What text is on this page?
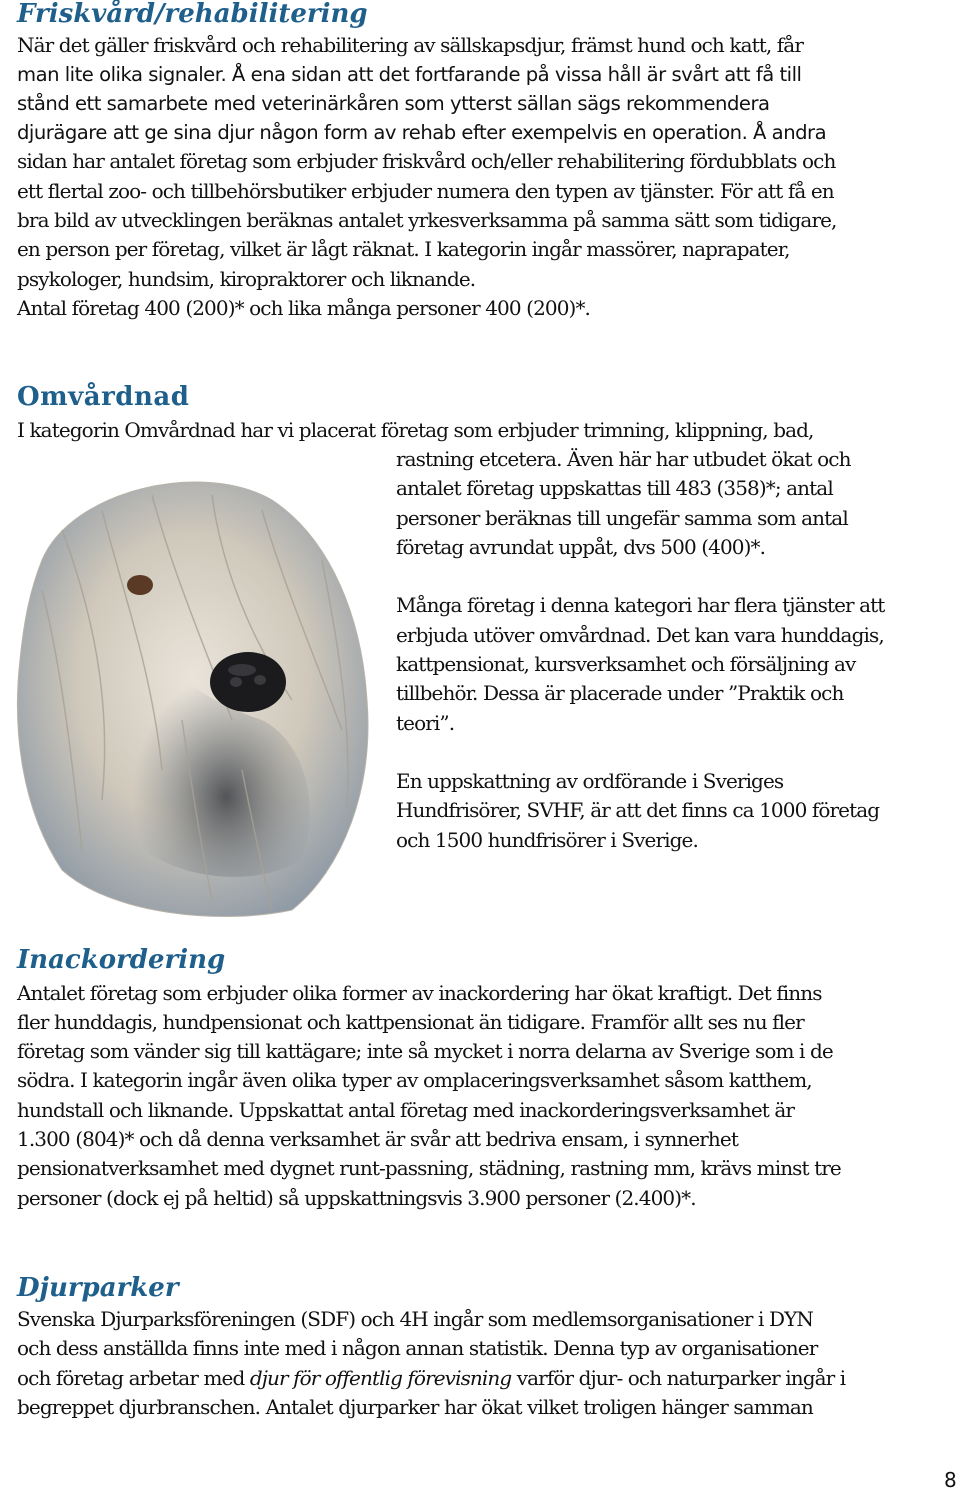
Friskvård/rehabilitering
När det gäller friskvård och rehabilitering av sällskapsdjur, främst hund och katt, får
man lite olika signaler. Å ena sidan att det fortfarande på vissa håll är svårt att få till
stånd ett samarbete med veterinärkåren som ytterst sällan sägs rekommendera
djurägare att ge sina djur någon form av rehab efter exempelvis en operation. Å andra
sidan har antalet företag som erbjuder friskvård och/eller rehabilitering fördubblats och
ett flertal zoo- och tillbehörsbutiker erbjuder numera den typen av tjänster. För att få en
bra bild av utvecklingen beräknas antalet yrkesverksamma på samma sätt som tidigare,
en person per företag, vilket är lågt räknat. I kategorin ingår massörer, naprapater,
psykologer, hundsim, kiropraktorer och liknande.
Antal företag 400 (200)* och lika många personer 400 (200)*.
Omvårdnad
I kategorin Omvårdnad har vi placerat företag som erbjuder trimning, klippning, bad,
rastning etcetera. Även här har utbudet ökat och
antalet företag uppskattas till 483 (358)*; antal
personer beräknas till ungefär samma som antal
företag avrundat uppåt, dvs 500 (400)*.
Många företag i denna kategori har flera tjänster att
erbjuda utöver omvårdnad. Det kan vara hunddagis,
kattpensionat, kursverksamhet och försäljning av
tillbehör. Dessa är placerade under ”Praktik och
teori”.
En uppskattning av ordförande i Sveriges
Hundfrisörer, SVHF, är att det finns ca 1000 företag
och 1500 hundfrisörer i Sverige.
Inackordering
Antalet företag som erbjuder olika former av inackordering har ökat kraftigt. Det finns
fler hunddagis, hundpensionat och kattpensionat än tidigare. Framför allt ses nu fler
företag som vänder sig till kattägare; inte så mycket i norra delarna av Sverige som i de
södra. I kategorin ingår även olika typer av omplaceringsverksamhet såsom katthem,
hundstall och liknande. Uppskattat antal företag med inackorderingsverksamhet är
1.300 (804)* och då denna verksamhet är svår att bedriva ensam, i synnerhet
pensionatverksamhet med dygnet runt-passning, städning, rastning mm, krävs minst tre
personer (dock ej på heltid) så uppskattningsvis 3.900 personer (2.400)*.
Djurparker
Svenska Djurparksföreningen (SDF) och 4H ingår som medlemsorganisationer i DYN
och dess anställda finns inte med i någon annan statistik. Denna typ av organisationer
och företag arbetar med djur för offentlig förevisning varför djur- och naturparker ingår i
begreppet djurbranschen. Antalet djurparker har ökat vilket troligen hänger samman
8
